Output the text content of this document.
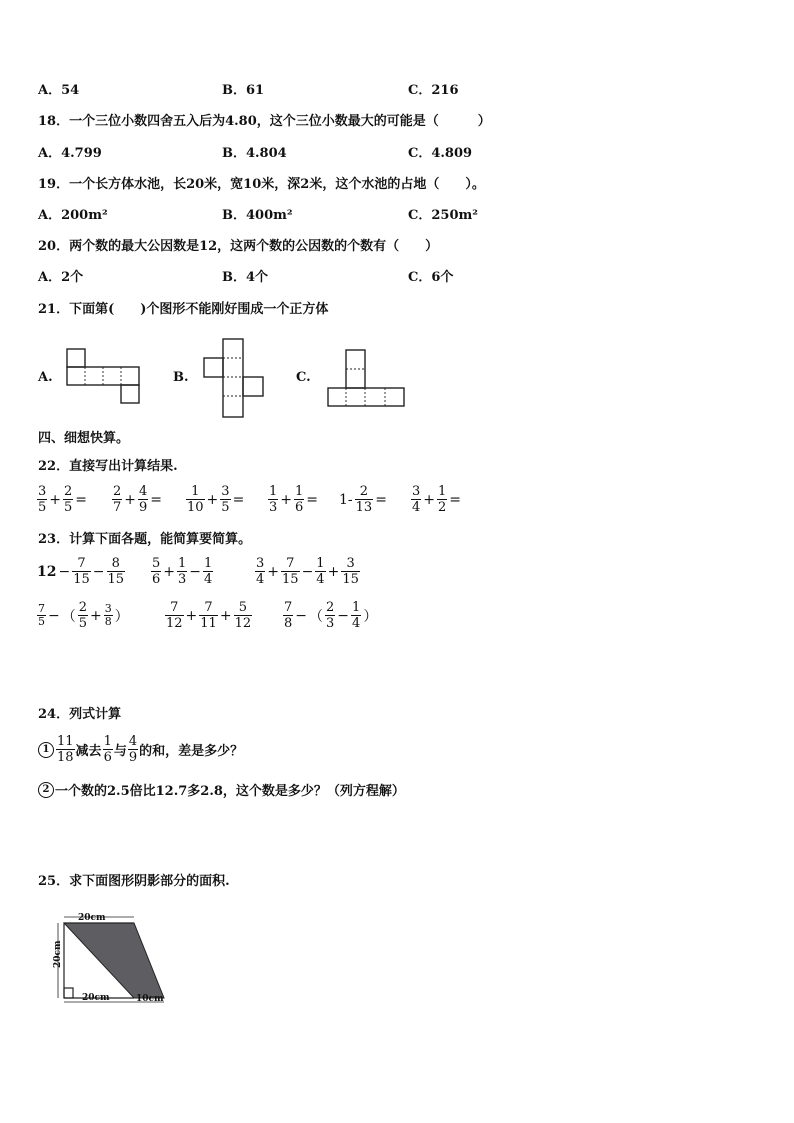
A．54	B．61	C．216
18．一个三位小数四舍五入后为4.80，这个三位小数最大的可能是（　　　）
A．4.799	B．4.804	C．4.809
19．一个长方体水池，长20米，宽10米，深2米，这个水池的占地（　　）。
A．200m²	B．400m²	C．250m²
20．两个数的最大公因数是12，这两个数的公因数的个数有（　　）
A．2个	B．4个	C．6个
21．下面第(　　)个图形不能刚好围成一个正方体
A.	B.	C.
四、细想快算。
22．直接写出计算结果.
$\frac{3}{5} + \frac{2}{5} = \frac{2}{7} + \frac{4}{9} = \frac{1}{10} + \frac{3}{5} = \frac{1}{3} + \frac{1}{6} = 1- \frac{2}{13} = \frac{3}{4} + \frac{1}{2}$ =
23．计算下面各题，能简算要简算。
$12 - \frac{7}{15} - \frac{8}{15} \frac{5}{6} + \frac{1}{3} - \frac{1}{4}$	$\frac{3}{4} + \frac{7}{15} - \frac{1}{4} + \frac{3}{15}$
$\frac{7}{5}$ − （ $\frac{2}{5} + \frac{3}{8}$ ）	$\frac{7}{12} + \frac{7}{11} + \frac{5}{12} \frac{7}{8}$ − （ $\frac{2}{3} - \frac{1}{4}$ ）
24．列式计算
$1 \frac{11}{18}$ 减去 $\frac{1}{6}$ 与 $\frac{4}{9}$ 的和，差是多少？
2 一个数的2.5倍比12.7多2.8，这个数是多少？（列方程解）
25．求下面图形阴影部分的面积.
20cm
20cm
20cm	10cm
